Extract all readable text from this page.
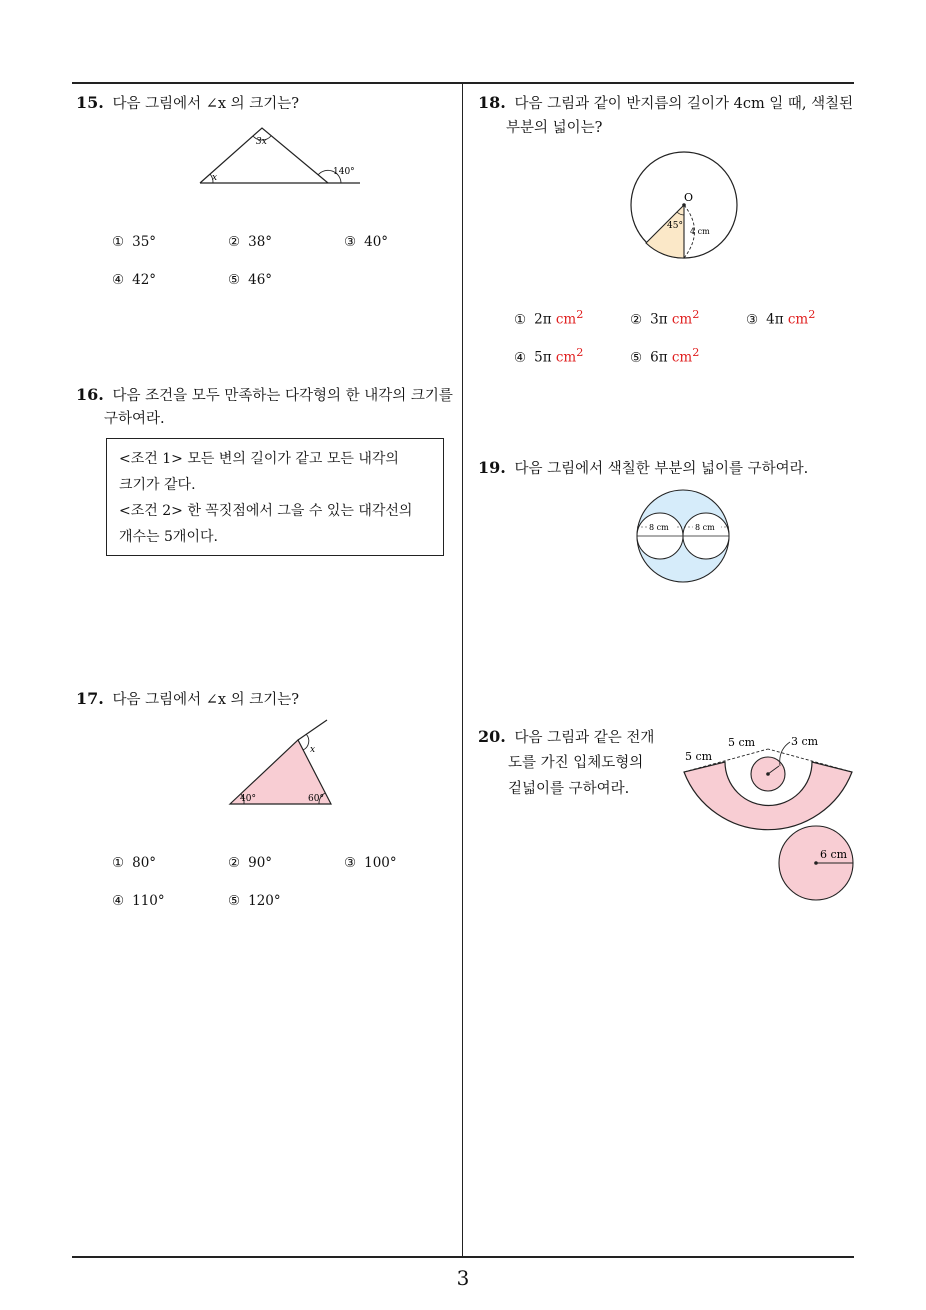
15. 다음 그림에서 ∠x 의 크기는?
3x
x
140°
① 35°	② 38°	③ 40°
④ 42°	⑤ 46°
16. 다음 조건을 모두 만족하는 다각형의 한 내각의 크기를
구하여라.
<조건 1> 모든 변의 길이가 같고 모든 내각의
크기가 같다.
<조건 2> 한 꼭짓점에서 그을 수 있는 대각선의
개수는 5개이다.
17. 다음 그림에서 ∠x 의 크기는?
x
40°	60°
① 80°	② 90°	③ 100°
④ 110°	⑤ 120°
18. 다음 그림과 같이 반지름의 길이가 4cm 일 때, 색칠된
부분의 넓이는?
O
45°
4 cm
① 2π $cm^2$	② 3π $cm^2$	③ 4π $cm^2$
④ 5π $cm^2$	⑤ 6π $cm^2$
19. 다음 그림에서 색칠한 부분의 넓이를 구하여라.
8 cm	8 cm
20. 다음 그림과 같은 전개
도를 가진 입체도형의
겉넓이를 구하여라.
5 cm
5 cm
3 cm
6 cm
3
